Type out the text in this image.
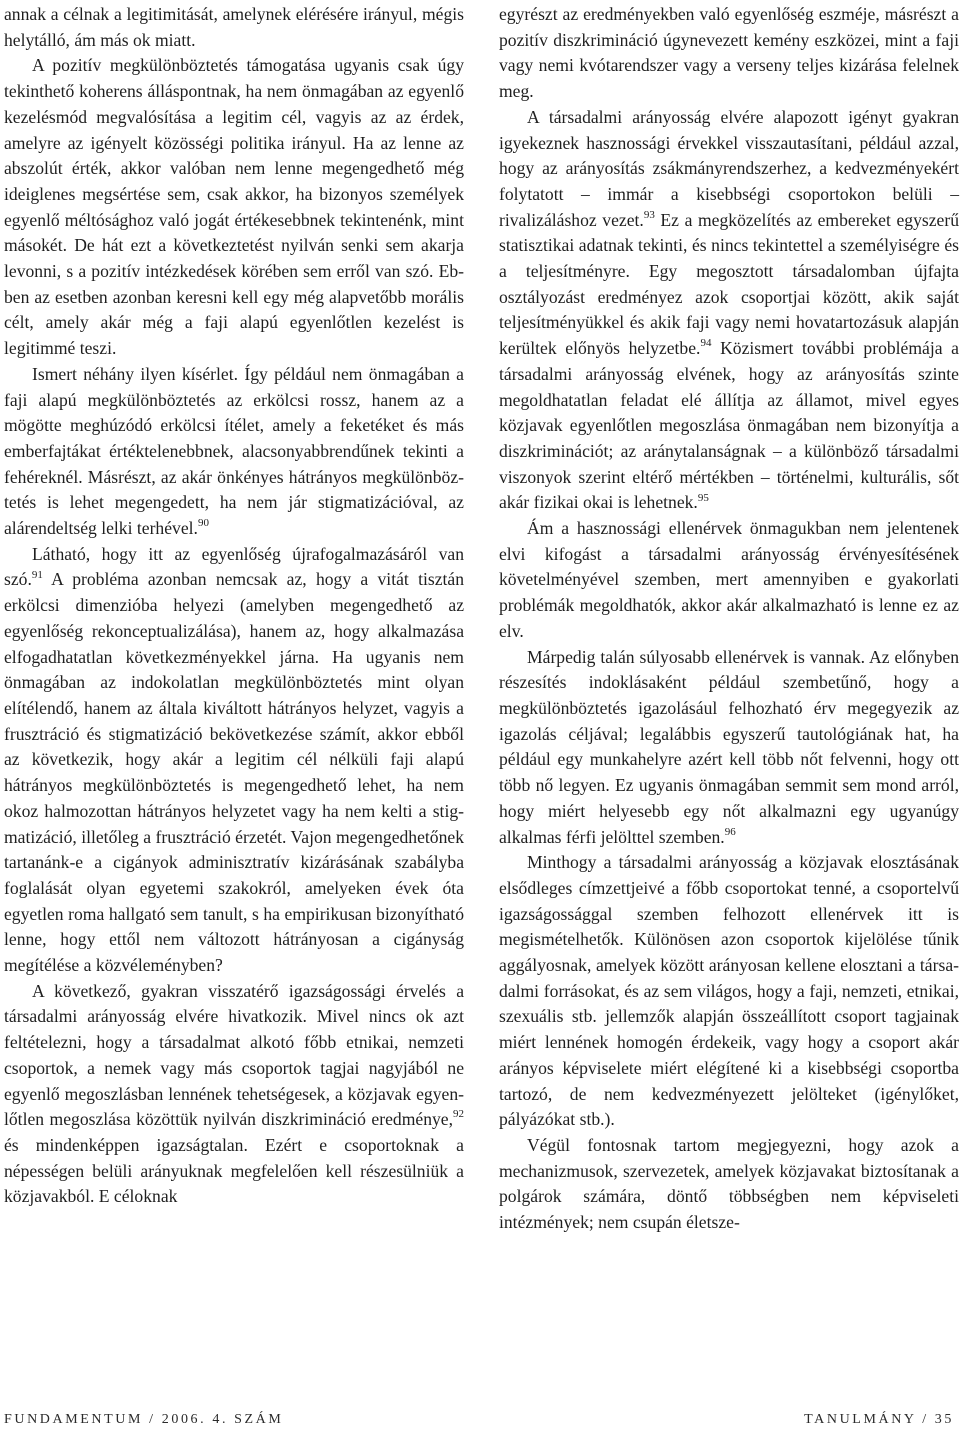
annak a célnak a legitimitását, amelynek elérésére irányul, mégis helytálló, ám más ok miatt.

A pozitív megkülönböztetés támogatása ugyanis csak úgy tekinthető koherens álláspontnak, ha nem önmagában az egyenlő kezelésmód megvalósítása a legitim cél, vagyis az az érdek, amelyre az igényelt közösségi politika irányul. Ha az lenne az abszolút érték, akkor valóban nem lenne megengedhető még ideiglenes megsértése sem, csak akkor, ha bizonyos személyek egyenlő méltósághoz való jogát értékesebbnek tekintenénk, mint másokét. De hát ezt a következtetést nyilván senki sem akarja levonni, s a pozitív intézkedések körében sem erről van szó. Ebben az esetben azonban keresni kell egy még alapvetőbb morális célt, amely akár még a faji alapú egyenlőtlen kezelést is legitimmé teszi.

Ismert néhány ilyen kísérlet. Így például nem önmagában a faji alapú megkülönböztetés az erkölcsi rossz, hanem az a mögötte meghúzódó erkölcsi ítélet, amely a feketéket és más emberfajtákat értéktelenebbnek, alacsonyabbrendűnek tekinti a fehéreknél. Másrészt, az akár önkényes hátrányos megkülönböztetés is lehet megengedett, ha nem jár stigmatizációval, az alárendeltség lelki terhével.$^{90}$

Látható, hogy itt az egyenlőség újrafogalmazásáról van szó.$^{91}$ A probléma azonban nemcsak az, hogy a vitát tisztán erkölcsi dimenzióba helyezi (amelyben megengedhető az egyenlőség rekonceptualizálása), hanem az, hogy alkalmazása elfogadhatatlan következményekkel járna. Ha ugyanis nem önmagában az indokolatlan megkülönböztetés mint olyan elítélendő, hanem az általa kiváltott hátrányos helyzet, vagyis a frusztráció és stigmatizáció bekövetkezése számít, akkor ebből az következik, hogy akár a legitim cél nélküli faji alapú hátrányos megkülönböztetés is megengedhető lehet, ha nem okoz halmozottan hátrányos helyzetet vagy ha nem kelti a stigmatizáció, illetőleg a frusztráció érzetét. Vajon megengedhetőnek tartanánk-e a cigányok adminisztratív kizárásának szabályba foglalását olyan egyetemi szakokról, amelyeken évek óta egyetlen roma hallgató sem tanult, s ha empirikusan bizonyítható lenne, hogy ettől nem változott hátrányosan a cigányság megítélése a közvéleményben?

A következő, gyakran visszatérő igazságossági érvelés a társadalmi arányosság elvére hivatkozik. Mivel nincs ok azt feltételezni, hogy a társadalmat alkotó főbb etnikai, nemzeti csoportok, a nemek vagy más csoportok tagjai nagyjából ne egyenlő megoszlásban lennének tehetségesek, a közjavak egyenlőtlen megoszlása közöttük nyilván diszkrimináció eredménye,$^{92}$ és mindenképpen igazságtalan. Ezért e csoportoknak a népességen belüli arányuknak megfelelően kell részesülniük a közjavakból. E céloknak

egyrészt az eredményekben való egyenlőség eszméje, másrészt a pozitív diszkrimináció úgynevezett kemény eszközei, mint a faji vagy nemi kvótarendszer vagy a verseny teljes kizárása felelnek meg.

A társadalmi arányosság elvére alapozott igényt gyakran igyekeznek hasznossági érvekkel visszautasítani, például azzal, hogy az arányosítás zsákmányrendszerhez, a kedvezményekért folytatott – immár a kisebbségi csoportokon belüli – rivalizáláshoz vezet.$^{93}$ Ez a megközelítés az embereket egyszerű statisztikai adatnak tekinti, és nincs tekintettel a személyiségre és a teljesítményre. Egy megosztott társadalomban újfajta osztályozást eredményez azok csoportjai között, akik saját teljesítményükkel és akik faji vagy nemi hovatartozásuk alapján kerültek előnyös helyzetbe.$^{94}$ Közismert további problémája a társadalmi arányosság elvének, hogy az arányosítás szinte megoldhatatlan feladat elé állítja az államot, mivel egyes közjavak egyenlőtlen megoszlása önmagában nem bizonyítja a diszkriminációt; az aránytalanságnak – a különböző társadalmi viszonyok szerint eltérő mértékben – történelmi, kulturális, sőt akár fizikai okai is lehetnek.$^{95}$

Ám a hasznossági ellenérvek önmagukban nem jelentenek elvi kifogást a társadalmi arányosság érvényesítésének követelményével szemben, mert amennyiben e gyakorlati problémák megoldhatók, akkor akár alkalmazható is lenne ez az elv.

Márpedig talán súlyosabb ellenérvek is vannak. Az előnyben részesítés indoklásaként például szembetűnő, hogy a megkülönböztetés igazolásául felhozható érv megegyezik az igazolás céljával; legalábbis egyszerű tautológiának hat, ha például egy munkahelyre azért kell több nőt felvenni, hogy ott több nő legyen. Ez ugyanis önmagában semmit sem mond arról, hogy miért helyesebb egy nőt alkalmazni egy ugyanúgy alkalmas férfi jelölttel szemben.$^{96}$

Minthogy a társadalmi arányosság a közjavak elosztásának elsődleges címzettjeivé a főbb csoportokat tenné, a csoportelvű igazságossággal szemben felhozott ellenérvek itt is megismételhetők. Különösen azon csoportok kijelölése tűnik aggályosnak, amelyek között arányosan kellene elosztani a társadalmi forrásokat, és az sem világos, hogy a faji, nemzeti, etnikai, szexuális stb. jellemzők alapján összeállított csoport tagjainak miért lennének homogén érdekeik, vagy hogy a csoport akár arányos képviselete miért elégítené ki a kisebbségi csoportba tartozó, de nem kedvezményezett jelölteket (igénylőket, pályázókat stb.).

Végül fontosnak tartom megjegyezni, hogy azok a mechanizmusok, szervezetek, amelyek közjavakat biztosítanak a polgárok számára, döntő többségben nem képviseleti intézmények; nem csupán életsze-

FUNDAMENTUM / 2006. 4. SZÁM	TANULMÁNY / 35
